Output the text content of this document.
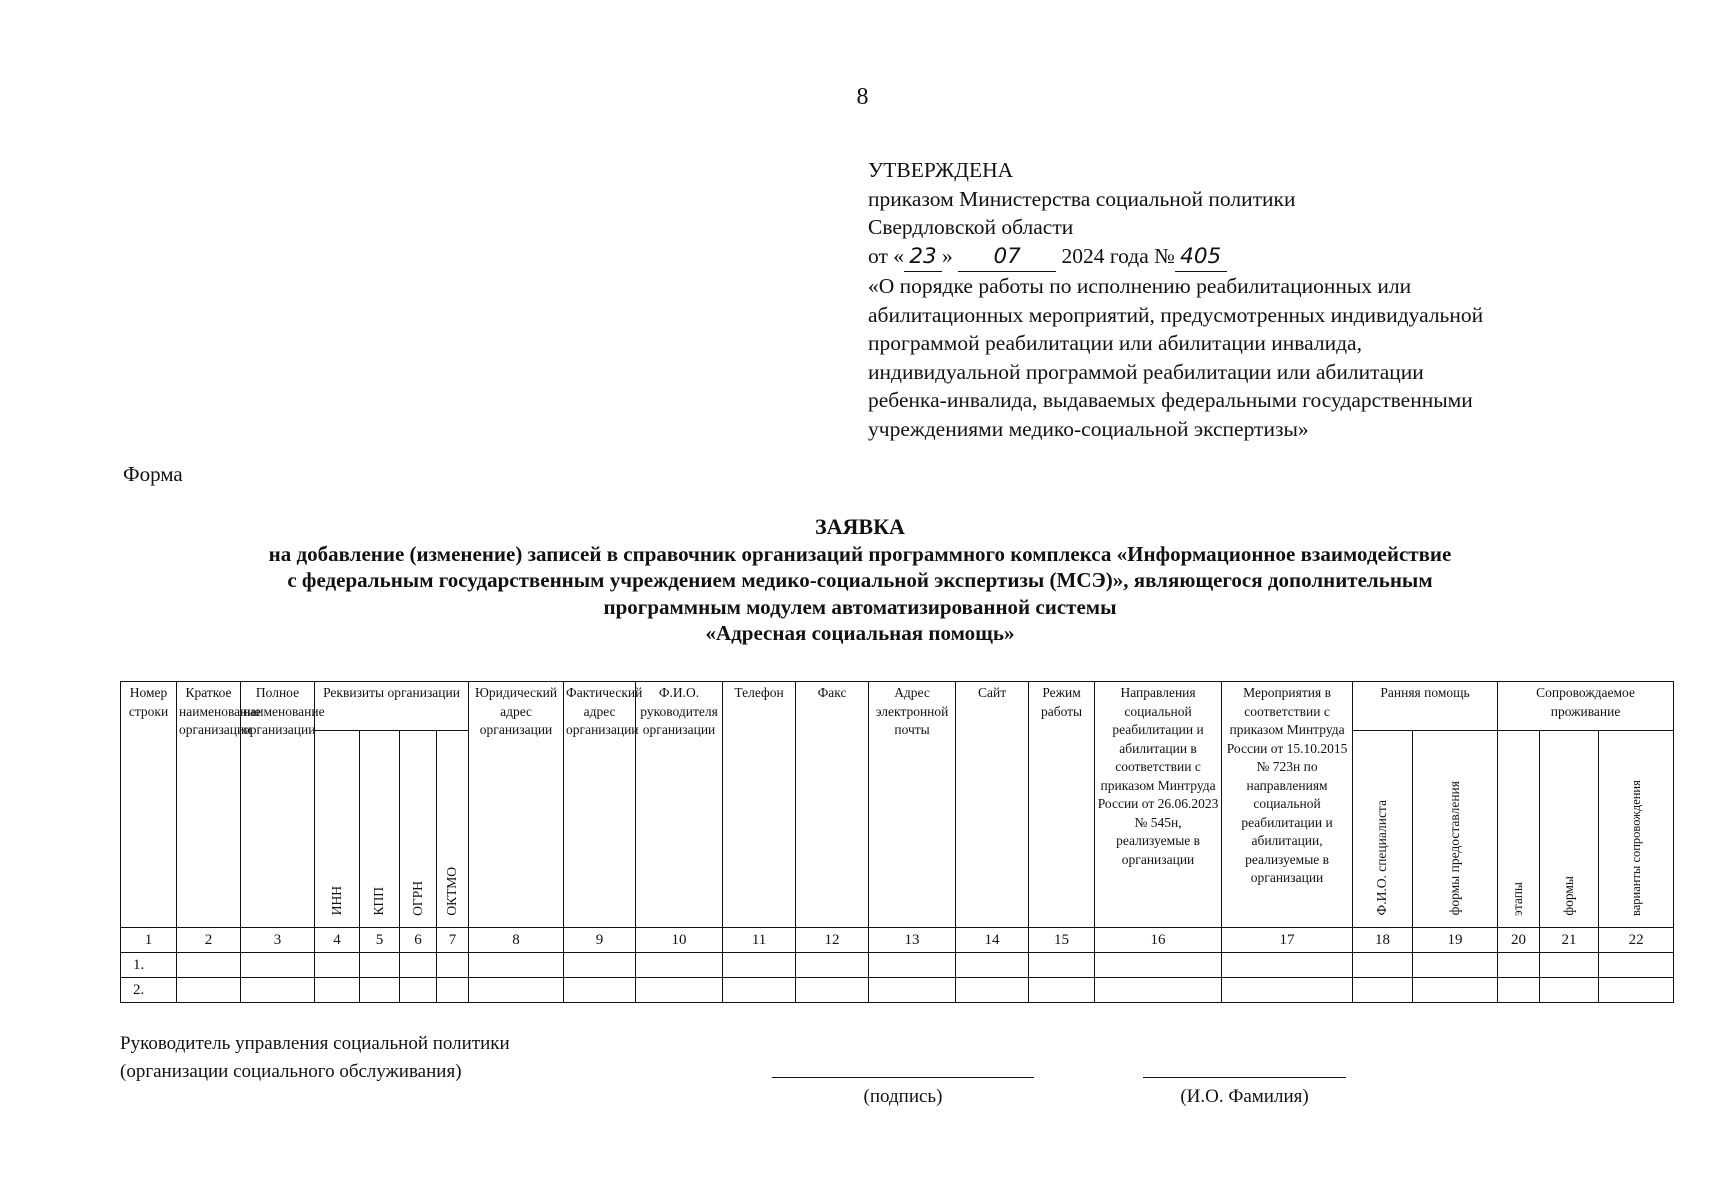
8
УТВЕРЖДЕНА
приказом Министерства социальной политики
Свердловской области
от « 23 » 07 2024 года № 405
«О порядке работы по исполнению реабилитационных или
абилитационных мероприятий, предусмотренных индивидуальной
программой реабилитации или абилитации инвалида,
индивидуальной программой реабилитации или абилитации
ребенка-инвалида, выдаваемых федеральными государственными
учреждениями медико-социальной экспертизы»
Форма
ЗАЯВКА
на добавление (изменение) записей в справочник организаций программного комплекса «Информационное взаимодействие
с федеральным государственным учреждением медико-социальной экспертизы (МСЭ)», являющегося дополнительным
программным модулем автоматизированной системы
«Адресная социальная помощь»
Номер строки	Краткое наименование организации	Полное наименование организации	Реквизиты организации				Юридический адрес организации	Фактический адрес организации	Ф.И.О. руководителя организации	Телефон	Факс	Адрес электронной почты	Сайт	Режим работы	Направления социальной реабилитации и абилитации в соответствии с приказом Минтруда России от 26.06.2023 № 545н, реализуемые в организации	Мероприятия в соответствии с приказом Минтруда России от 15.10.2015 № 723н по направлениям социальной реабилитации и абилитации, реализуемые в организации	Ранняя помощь		Сопровождаемое проживание		
			ИНН	КПП	ОГРН	ОКТМО											Ф.И.О. специалиста	формы предоставления	этапы	формы	варианты сопровождения
1	2	3	4	5	6	7	8	9	10	11	12	13	14	15	16	17	18	19	20	21	22
1.																					
2.																					
Руководитель управления социальной политики
(организации социального обслуживания)
(подпись)	(И.О. Фамилия)
